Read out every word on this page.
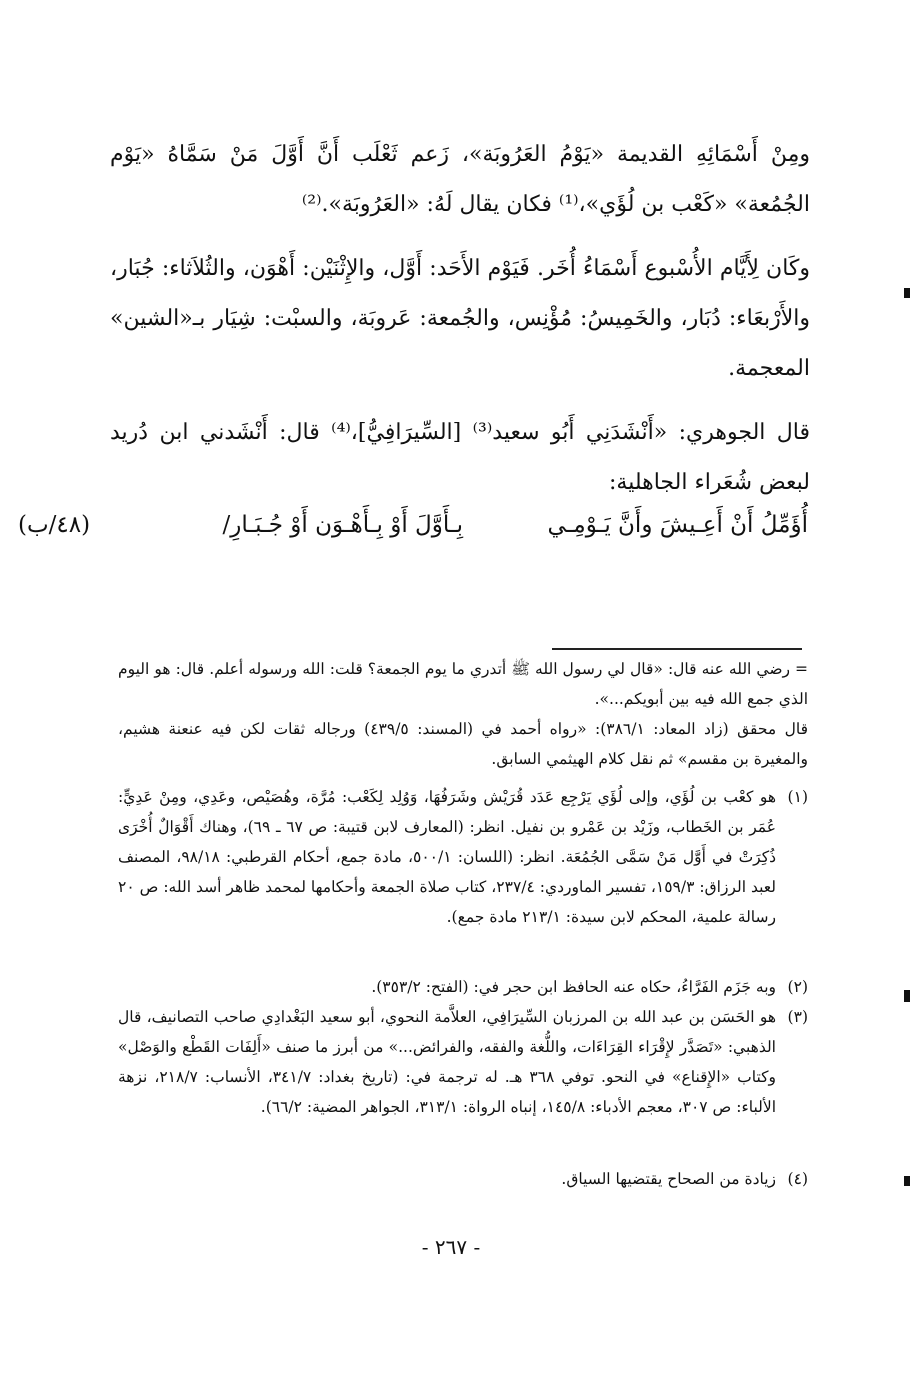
ومِنْ أَسْمَائِهِ القديمة «يَوْمُ العَرُوبَة»، زَعم ثَعْلَب أَنَّ أَوَّلَ مَنْ سَمَّاهُ «يَوْم الجُمُعة» «كَعْب بن لُؤَي»،⁽¹⁾ فكان يقال لَهُ: «العَرُوبَة».⁽²⁾

وكَان لِأَيَّام الأُسْبوع أَسْمَاءُ أُخَر. فَيَوْم الأَحَد: أَوَّل، والإِثْنَيْن: أَهْوَن، والثُلاَثاء: جُبَار، والأَرْبعَاء: دُبَار، والخَمِيسُ: مُؤْنِس، والجُمعة: عَروبَة، والسبْت: شِيَار بـ«الشين» المعجمة.

قال الجوهري: «أَنْشَدَنِي أَبُو سعيد⁽³⁾ [السِّيرَافِيُّ]،⁽⁴⁾ قال: أَنْشَدني ابن دُريد لبعض شُعَراء الجاهلية:

أُؤَمِّلُ أَنْ أَعِـيشَ وأَنَّ يَـوْمِـي
بِـأَوَّلَ أَوْ بِـأَهْـوَن أَوْ جُـبَـارِ/
(٤٨/ب)
= رضي الله عنه قال: «قال لي رسول الله ﷺ أتدري ما يوم الجمعة؟ قلت: الله ورسوله أعلم. قال: هو اليوم الذي جمع الله فيه بين أبويكم...».
قال محقق (زاد المعاد: ٣٨٦/١): «رواه أحمد في (المسند: ٤٣٩/٥) ورجاله ثقات لكن فيه عنعنة هشيم، والمغيرة بن مقسم» ثم نقل كلام الهيثمي السابق.
(١)
هو كعْب بن لُؤَي، وإلى لُؤَي يَرْجِع عَدَد قُرَيْش وشَرَفُهَا، وَوُلِد لِكَعْب: مُرَّة، وهُصَيْص، وعَدِي، ومِنْ عَدِيٍّ: عُمَر بن الخَطاب، وزَيْد بن عَمْرو بن نفيل. انظر: (المعارف لابن قتيبة: ص ٦٧ ـ ٦٩)، وهناك أَقْوَالٌ أُخْرَى ذُكِرَتْ في أَوَّل مَنْ سَمَّى الجُمُعَة. انظر: (اللسان: ٥٠٠/١، مادة جمع، أحكام القرطبي: ٩٨/١٨، المصنف لعبد الرزاق: ١٥٩/٣، تفسير الماوردي: ٢٣٧/٤، كتاب صلاة الجمعة وأحكامها لمحمد ظاهر أسد الله: ص ٢٠ رسالة علمية، المحكم لابن سيدة: ٢١٣/١ مادة جمع).
(٢)
وبه جَزَم الفَرَّاءُ، حكاه عنه الحافظ ابن حجر في: (الفتح: ٣٥٣/٢).
(٣)
هو الحَسَن بن عبد الله بن المرزبان السِّيرَافِي، العلاَّمة النحوي، أبو سعيد البَغْدادِي صاحب التصانيف، قال الذهبي: «تَصَدَّر لإِقْرَاء القِرَاءَات، واللُّغة والفقه، والفرائض...» من أبرز ما صنف «أَلِفَات القَطْع والوَصْل» وكتاب «الإِقناع» في النحو. توفي ٣٦٨ هـ. له ترجمة في: (تاريخ بغداد: ٣٤١/٧، الأنساب: ٢١٨/٧، نزهة الألباء: ص ٣٠٧، معجم الأدباء: ١٤٥/٨، إنباه الرواة: ٣١٣/١، الجواهر المضية: ٦٦/٢).
(٤)
زيادة من الصحاح يقتضيها السياق.
- ٢٦٧ -
